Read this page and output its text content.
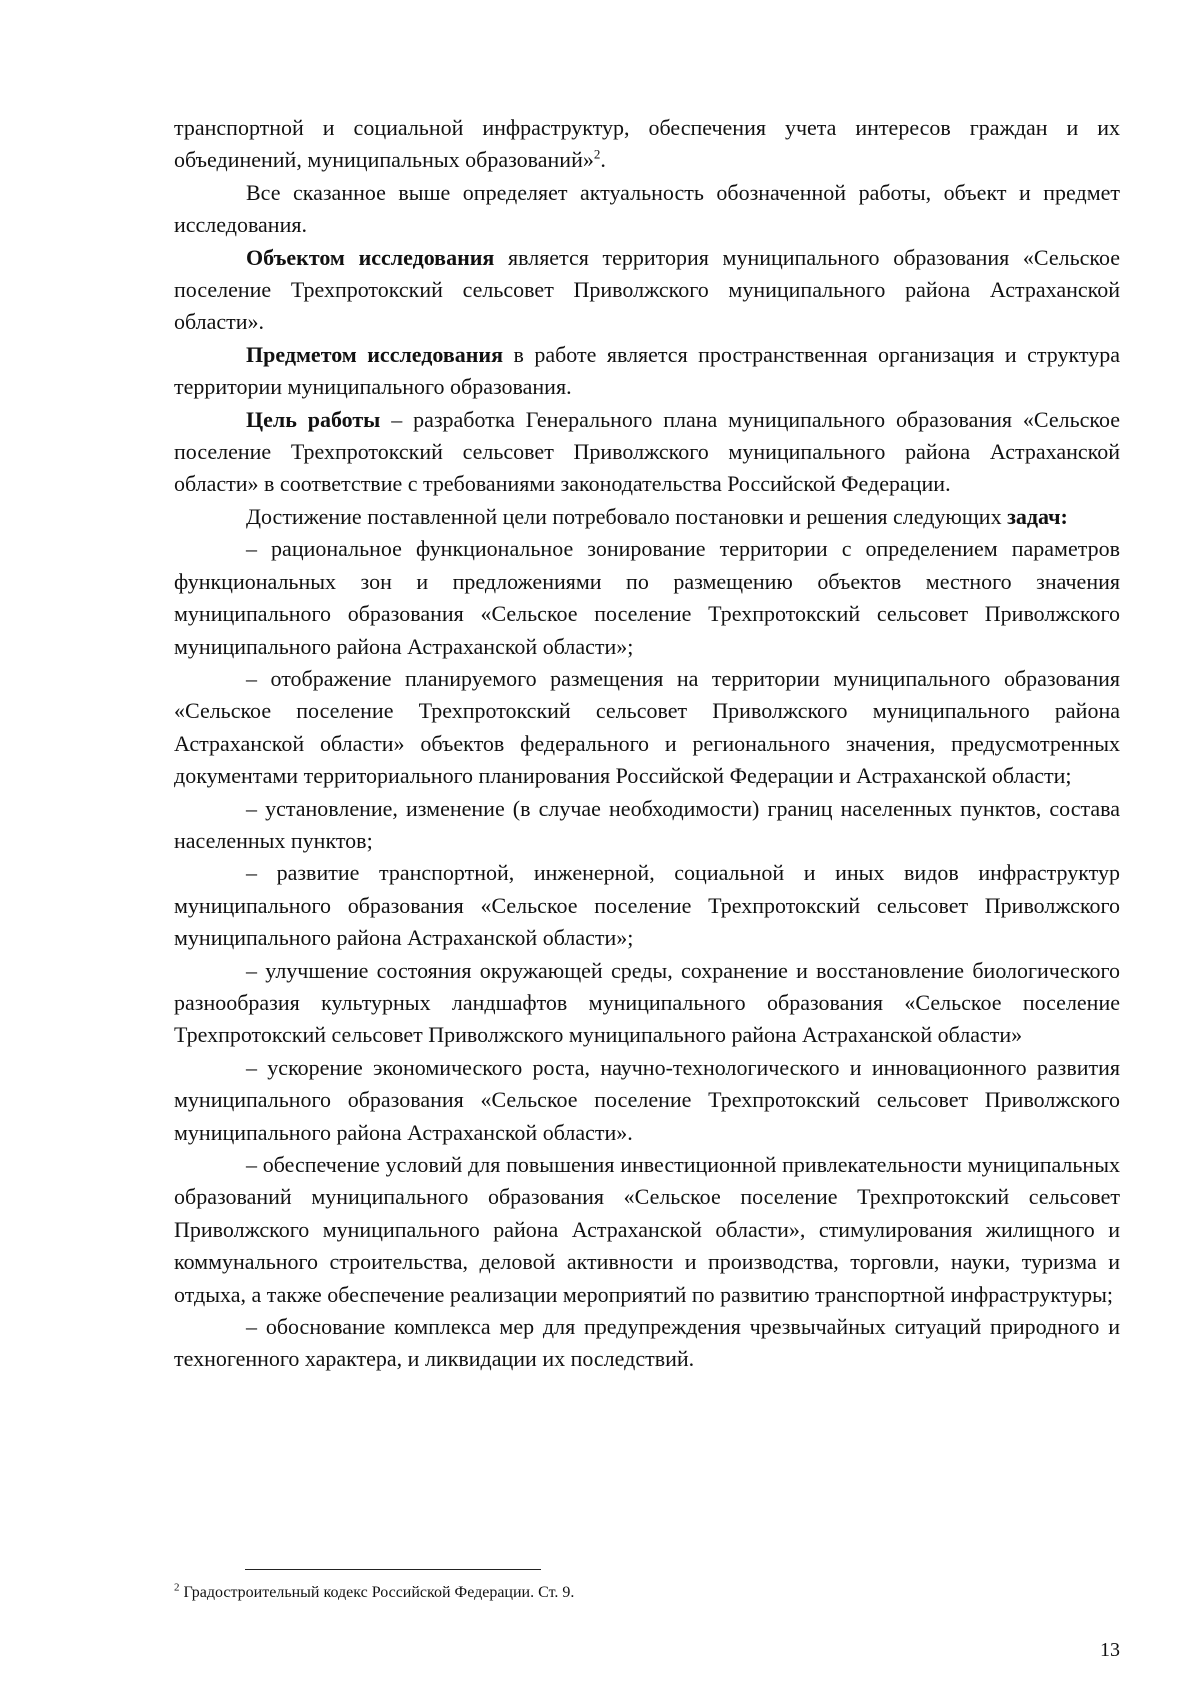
транспортной и социальной инфраструктур, обеспечения учета интересов граждан и их объединений, муниципальных образований»$^2$.

Все сказанное выше определяет актуальность обозначенной работы, объект и предмет исследования.

Объектом исследования является территория муниципального образования «Сельское поселение Трехпротокский сельсовет Приволжского муниципального района Астраханской области».

Предметом исследования в работе является пространственная организация и структура территории муниципального образования.

Цель работы – разработка Генерального плана муниципального образования «Сельское поселение Трехпротокский сельсовет Приволжского муниципального района Астраханской области» в соответствие с требованиями законодательства Российской Федерации.

Достижение поставленной цели потребовало постановки и решения следующих задач:

– рациональное функциональное зонирование территории с определением параметров функциональных зон и предложениями по размещению объектов местного значения муниципального образования «Сельское поселение Трехпротокский сельсовет Приволжского муниципального района Астраханской области»;

– отображение планируемого размещения на территории муниципального образования «Сельское поселение Трехпротокский сельсовет Приволжского муниципального района Астраханской области» объектов федерального и регионального значения, предусмотренных документами территориального планирования Российской Федерации и Астраханской области;

– установление, изменение (в случае необходимости) границ населенных пунктов, состава населенных пунктов;

– развитие транспортной, инженерной, социальной и иных видов инфраструктур муниципального образования «Сельское поселение Трехпротокский сельсовет Приволжского муниципального района Астраханской области»;

– улучшение состояния окружающей среды, сохранение и восстановление биологического разнообразия культурных ландшафтов муниципального образования «Сельское поселение Трехпротокский сельсовет Приволжского муниципального района Астраханской области»

– ускорение экономического роста, научно-технологического и инновационного развития муниципального образования «Сельское поселение Трехпротокский сельсовет Приволжского муниципального района Астраханской области».

– обеспечение условий для повышения инвестиционной привлекательности муниципальных образований муниципального образования «Сельское поселение Трехпротокский сельсовет Приволжского муниципального района Астраханской области», стимулирования жилищного и коммунального строительства, деловой активности и производства, торговли, науки, туризма и отдыха, а также обеспечение реализации мероприятий по развитию транспортной инфраструктуры;

– обоснование комплекса мер для предупреждения чрезвычайных ситуаций природного и техногенного характера, и ликвидации их последствий.

$^2$ Градостроительный кодекс Российской Федерации. Ст. 9.
13
